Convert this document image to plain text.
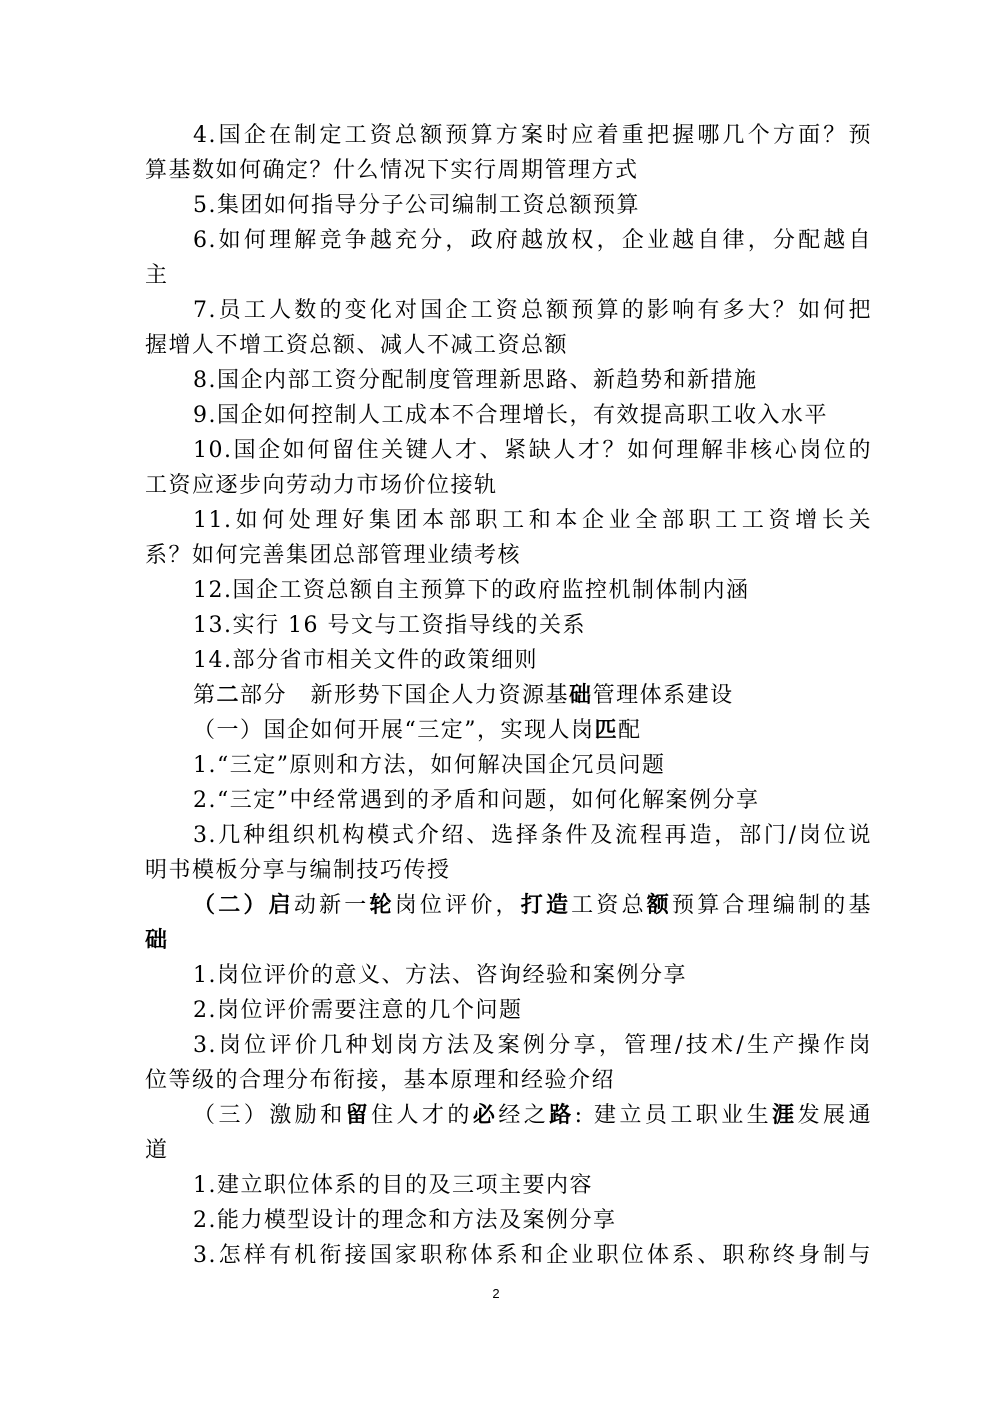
4.国企在制定工资总额预算方案时应着重把握哪几个方面？预
算基数如何确定？什么情况下实行周期管理方式
5.集团如何指导分子公司编制工资总额预算
6.如何理解竞争越充分，政府越放权，企业越自律，分配越自
主
7.员工人数的变化对国企工资总额预算的影响有多大？如何把
握增人不增工资总额、减人不减工资总额
8.国企内部工资分配制度管理新思路、新趋势和新措施
9.国企如何控制人工成本不合理增长，有效提高职工收入水平
10.国企如何留住关键人才、紧缺人才？如何理解非核心岗位的
工资应逐步向劳动力市场价位接轨
11.如何处理好集团本部职工和本企业全部职工工资增长关
系？如何完善集团总部管理业绩考核
12.国企工资总额自主预算下的政府监控机制体制内涵
13.实行 16 号文与工资指导线的关系
14.部分省市相关文件的政策细则
第二部分　新形势下国企人力资源基础管理体系建设
（一）国企如何开展“三定”，实现人岗匹配
1.“三定”原则和方法，如何解决国企冗员问题
2.“三定”中经常遇到的矛盾和问题，如何化解案例分享
3.几种组织机构模式介绍、选择条件及流程再造，部门/岗位说
明书模板分享与编制技巧传授
（二）启动新一轮岗位评价，打造工资总额预算合理编制的基
础
1.岗位评价的意义、方法、咨询经验和案例分享
2.岗位评价需要注意的几个问题
3.岗位评价几种划岗方法及案例分享，管理/技术/生产操作岗
位等级的合理分布衔接，基本原理和经验介绍
（三）激励和留住人才的必经之路: 建立员工职业生涯发展通
道
1.建立职位体系的目的及三项主要内容
2.能力模型设计的理念和方法及案例分享
3.怎样有机衔接国家职称体系和企业职位体系、职称终身制与
2
